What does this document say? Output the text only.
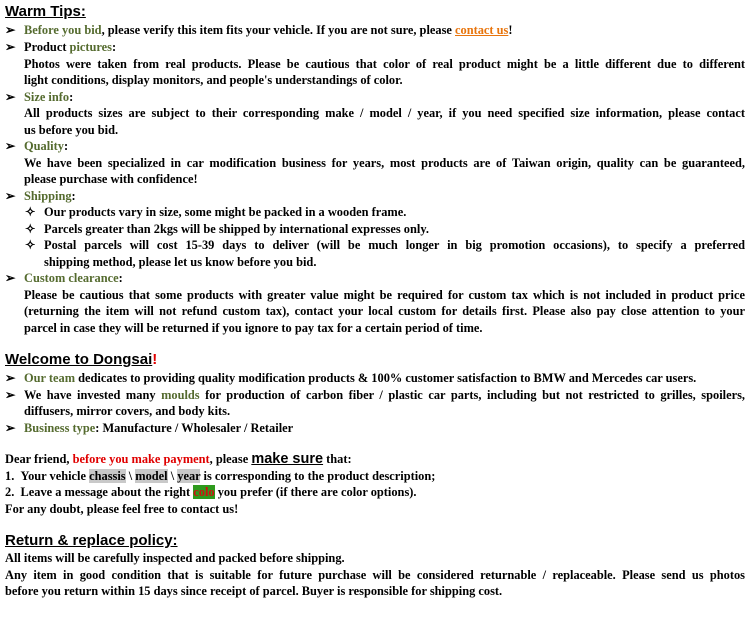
Warm Tips:
➢ Before you bid, please verify this item fits your vehicle. If you are not sure, please contact us!
➢ Product pictures:
Photos were taken from real products. Please be cautious that color of real product might be a little different due to different
light conditions, display monitors, and people's understandings of color.
➢ Size info:
All products sizes are subject to their corresponding make / model / year, if you need specified size information, please contact
us before you bid.
➢ Quality:
We have been specialized in car modification business for years, most products are of Taiwan origin, quality can be guaranteed,
please purchase with confidence!
➢ Shipping:
✧ Our products vary in size, some might be packed in a wooden frame.
✧ Parcels greater than 2kgs will be shipped by international expresses only.
✧ Postal parcels will cost 15-39 days to deliver (will be much longer in big promotion occasions), to specify a preferred
shipping method, please let us know before you bid.
➢ Custom clearance:
Please be cautious that some products with greater value might be required for custom tax which is not included in product price
(returning the item will not refund custom tax), contact your local custom for details first. Please also pay close attention to your
parcel in case they will be returned if you ignore to pay tax for a certain period of time.
Welcome to Dongsai!
➢ Our team dedicates to providing quality modification products & 100% customer satisfaction to BMW and Mercedes car users.
➢ We have invested many moulds for production of carbon fiber / plastic car parts, including but not restricted to grilles, spoilers,
diffusers, mirror covers, and body kits.
➢ Business type: Manufacture / Wholesaler / Retailer
Dear friend, before you make payment, please make sure that:
1. Your vehicle chassis \ model \ year is corresponding to the product description;
2. Leave a message about the right colo you prefer (if there are color options).
For any doubt, please feel free to contact us!
Return & replace policy:
All items will be carefully inspected and packed before shipping.
Any item in good condition that is suitable for future purchase will be considered returnable / replaceable. Please send us photos
before you return within 15 days since receipt of parcel. Buyer is responsible for shipping cost.
